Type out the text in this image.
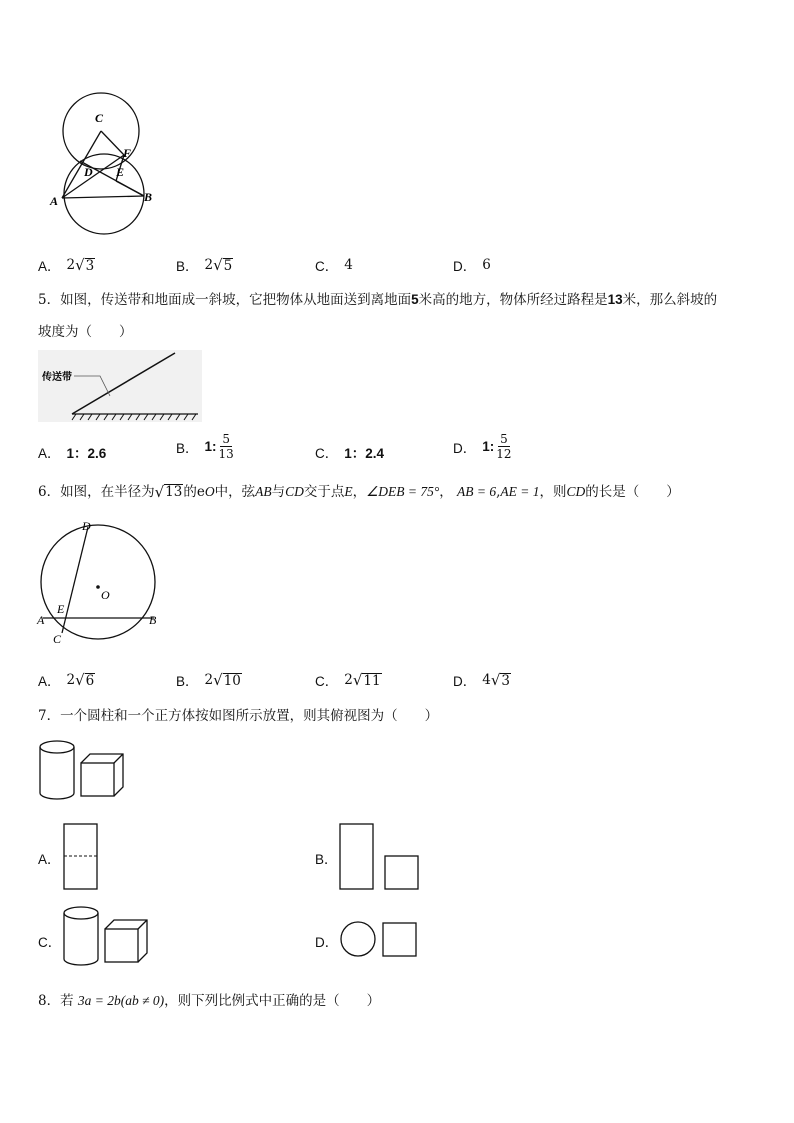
C
F
D E
A	B
A． 2 √ 3	B． 2 √ 5	C． 4	D． 6
5．如图，传送带和地面成一斜坡，它把物体从地面送到离地面5米高的地方，物体所经过路程是13米，那么斜坡的
坡度为（　　）
传送带
A． 1：2.6	B． 1: $\frac{5}{13}$	C． 1：2.4	D． 1: $\frac{5}{12}$
6． 如图，在半径为 √ 13 的e O 中，弦 AB 与 CD 交于点 E ， ∠DEB = 75° ，
AB = 6 , AE = 1 ，则 CD 的长是（　　）
D
O
E
A
C
B
A． 2 √ 6	B． 2 √ 10	C． 2 √ 11	D． 4 √ 3
7．一个圆柱和一个正方体按如图所示放置，则其俯视图为（　　）
A．	B．
C．	D．
8．若 3a = 2b(ab ≠ 0)，则下列比例式中正确的是（　　）
